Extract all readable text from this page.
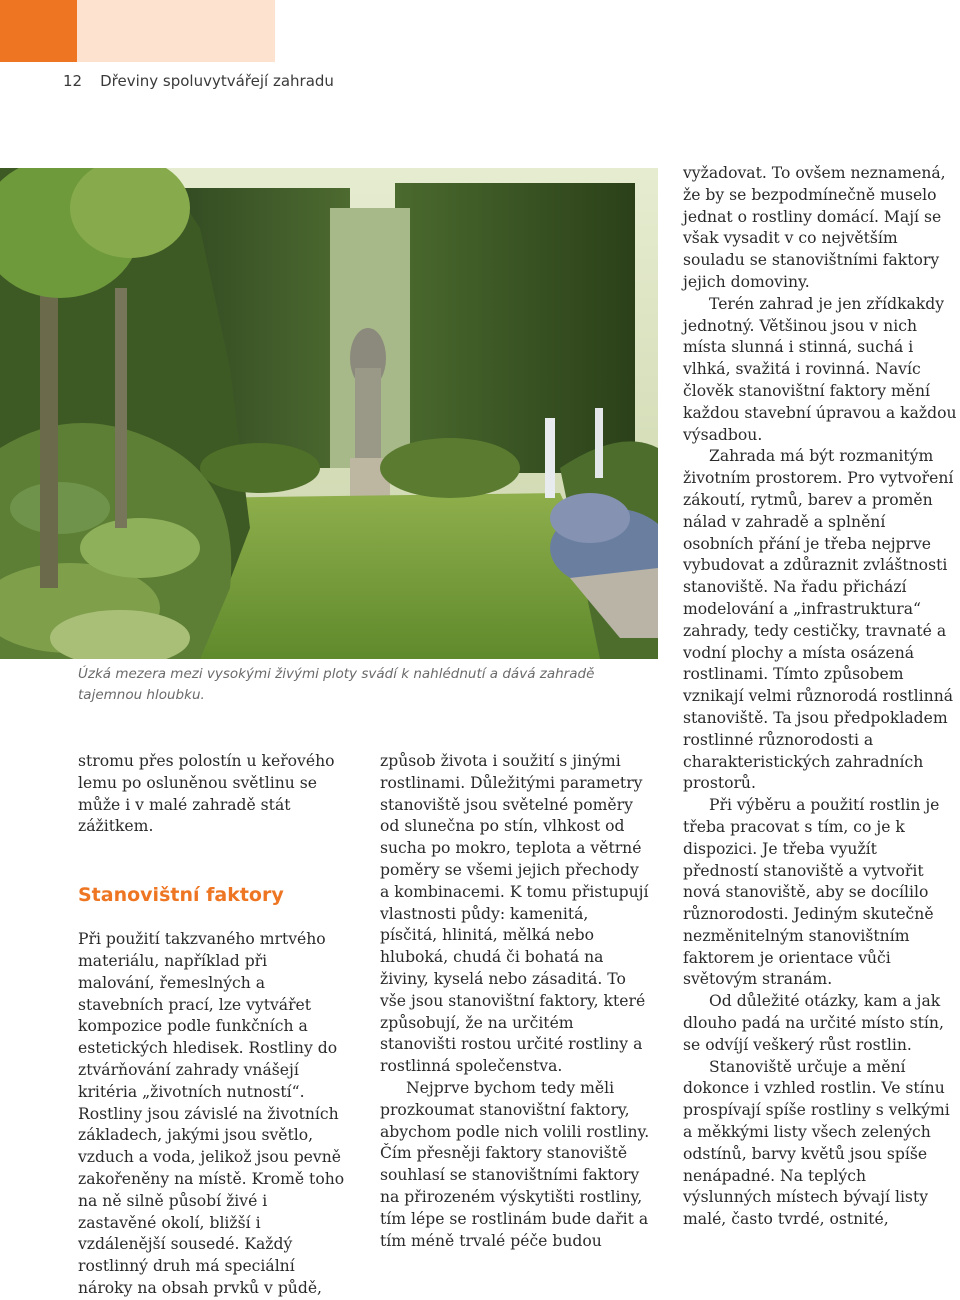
12 Dřeviny spoluvytvářejí zahradu
Úzká mezera mezi vysokými živými ploty svádí k nahlédnutí a dává zahradě tajemnou hloubku.

stromu přes polostín u keřového lemu po osluněnou světlinu se může i v malé zahradě stát zážitkem.

Stanovištní faktory

Při použití takzvaného mrtvého materiálu, například při malování, řemeslných a stavebních prací, lze vytvářet kompozice podle funkčních a estetických hledisek. Rostliny do ztvárňování zahrady vnášejí kritéria „životních nutností“. Rostliny jsou závislé na životních základech, jakými jsou světlo, vzduch a voda, jelikož jsou pevně zakořeněny na místě. Kromě toho na ně silně působí živé i zastavěné okolí, bližší i vzdálenější sousedé. Každý rostlinný druh má speciální nároky na obsah prvků v půdě,

způsob života i soužití s jinými rostlinami. Důležitými parametry stanoviště jsou světelné poměry od slunečna po stín, vlhkost od sucha po mokro, teplota a větrné poměry se všemi jejich přechody a kombinacemi. K tomu přistupují vlastnosti půdy: kamenitá, písčitá, hlinitá, mělká nebo hluboká, chudá či bohatá na živiny, kyselá nebo zásaditá. To vše jsou stanovištní faktory, které způsobují, že na určitém stanovišti rostou určité rostliny a rostlinná společenstva.

Nejprve bychom tedy měli prozkoumat stanovištní faktory, abychom podle nich volili rostliny. Čím přesněji faktory stanoviště souhlasí se stanovištními faktory na přirozeném výskytišti rostliny, tím lépe se rostlinám bude dařit a tím méně trvalé péče budou

vyžadovat. To ovšem neznamená, že by se bezpodmínečně muselo jednat o rostliny domácí. Mají se však vysadit v co největším souladu se stanovištními faktory jejich domoviny.

Terén zahrad je jen zřídkakdy jednotný. Většinou jsou v nich místa slunná i stinná, suchá i vlhká, svažitá i rovinná. Navíc člověk stanovištní faktory mění každou stavební úpravou a každou výsadbou.

Zahrada má být rozmanitým životním prostorem. Pro vytvoření zákoutí, rytmů, barev a proměn nálad v zahradě a splnění osobních přání je třeba nejprve vybudovat a zdůraznit zvláštnosti stanoviště. Na řadu přichází modelování a „infrastruktura“ zahrady, tedy cestičky, travnaté a vodní plochy a místa osázená rostlinami. Tímto způsobem vznikají velmi různorodá rostlinná stanoviště. Ta jsou předpokladem rostlinné různorodosti a charakteristických zahradních prostorů.

Při výběru a použití rostlin je třeba pracovat s tím, co je k dispozici. Je třeba využít předností stanoviště a vytvořit nová stanoviště, aby se docílilo různorodosti. Jediným skutečně nezměnitelným stanovištním faktorem je orientace vůči světovým stranám.

Od důležité otázky, kam a jak dlouho padá na určité místo stín, se odvíjí veškerý růst rostlin.

Stanoviště určuje a mění dokonce i vzhled rostlin. Ve stínu prospívají spíše rostliny s velkými a měkkými listy všech zelených odstínů, barvy květů jsou spíše nenápadné. Na teplých výslunných místech bývají listy malé, často tvrdé, ostnité,
